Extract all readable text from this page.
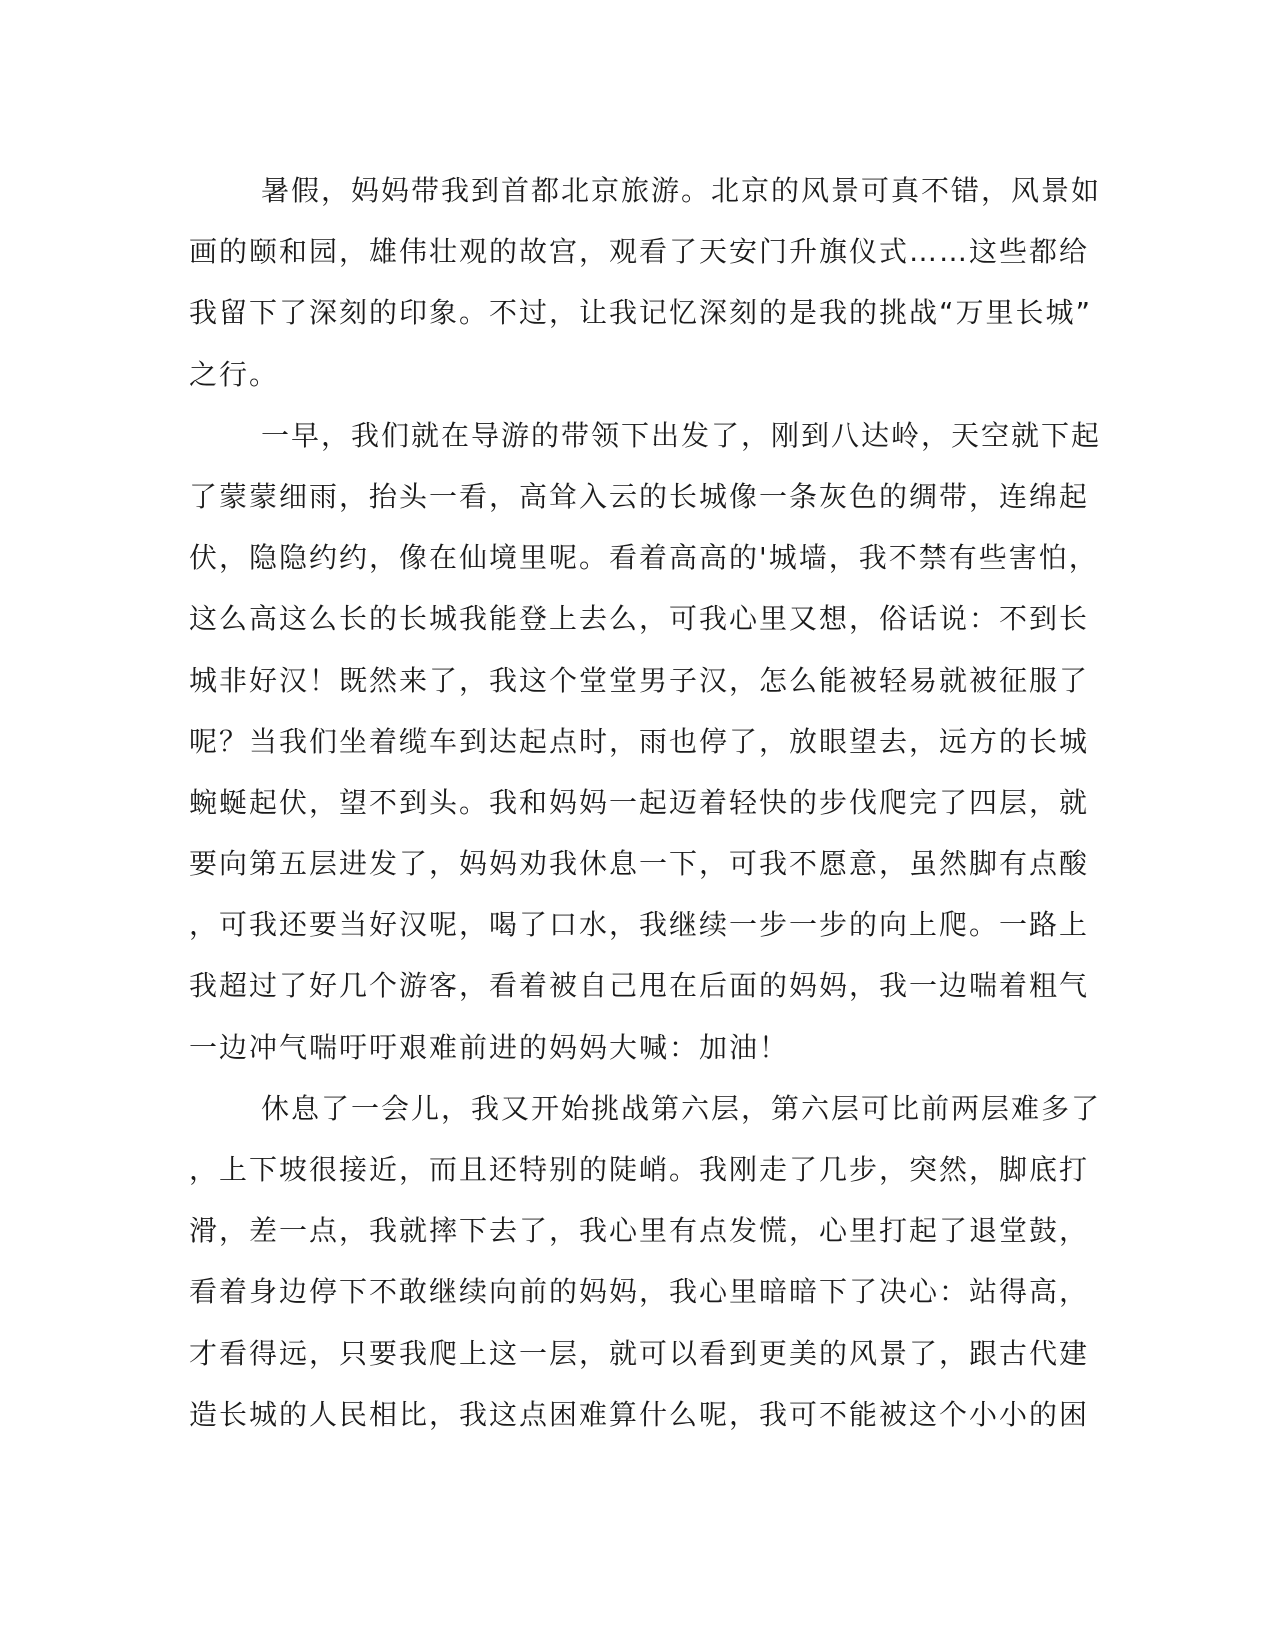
暑假，妈妈带我到首都北京旅游。北京的风景可真不错，风景如
画的颐和园，雄伟壮观的故宫，观看了天安门升旗仪式……这些都给
我留下了深刻的印象。不过，让我记忆深刻的是我的挑战“万里长城”
之行。
一早，我们就在导游的带领下出发了，刚到八达岭，天空就下起
了蒙蒙细雨，抬头一看，高耸入云的长城像一条灰色的绸带，连绵起
伏，隐隐约约，像在仙境里呢。看着高高的'城墙，我不禁有些害怕，
这么高这么长的长城我能登上去么，可我心里又想，俗话说：不到长
城非好汉！既然来了，我这个堂堂男子汉，怎么能被轻易就被征服了
呢？当我们坐着缆车到达起点时，雨也停了，放眼望去，远方的长城
蜿蜒起伏，望不到头。我和妈妈一起迈着轻快的步伐爬完了四层，就
要向第五层进发了，妈妈劝我休息一下，可我不愿意，虽然脚有点酸
，可我还要当好汉呢，喝了口水，我继续一步一步的向上爬。一路上
我超过了好几个游客，看着被自己甩在后面的妈妈，我一边喘着粗气
一边冲气喘吁吁艰难前进的妈妈大喊：加油！
休息了一会儿，我又开始挑战第六层，第六层可比前两层难多了
，上下坡很接近，而且还特别的陡峭。我刚走了几步，突然，脚底打
滑，差一点，我就摔下去了，我心里有点发慌，心里打起了退堂鼓，
看着身边停下不敢继续向前的妈妈，我心里暗暗下了决心：站得高，
才看得远，只要我爬上这一层，就可以看到更美的风景了，跟古代建
造长城的人民相比，我这点困难算什么呢，我可不能被这个小小的困
